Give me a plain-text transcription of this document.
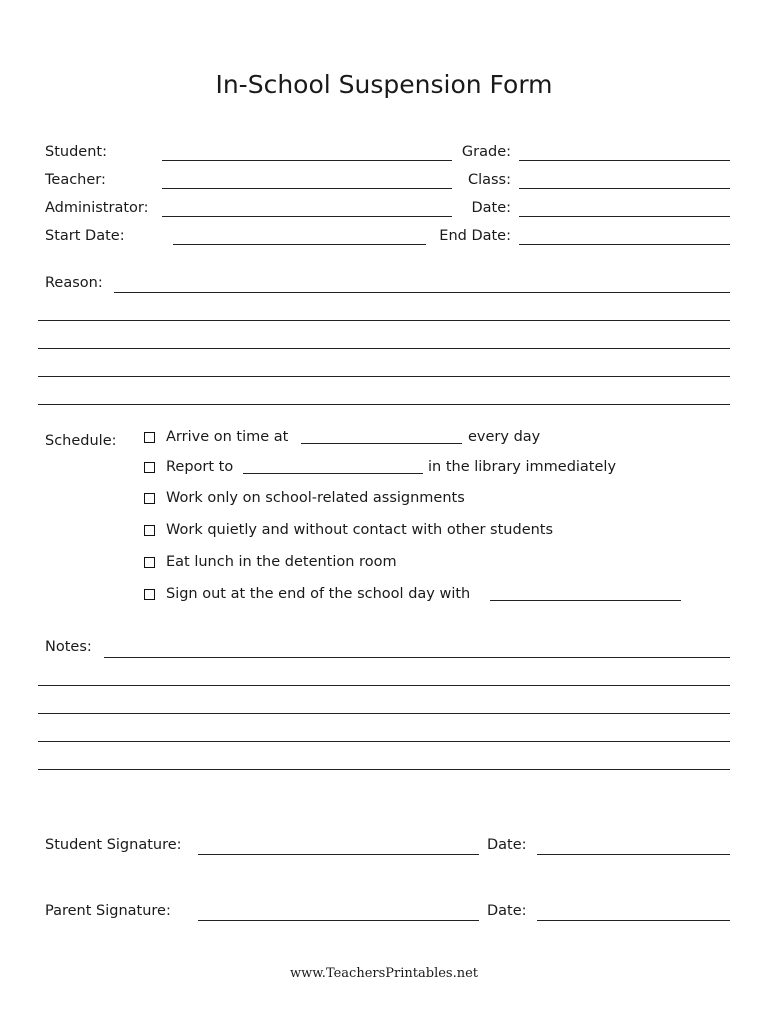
In-School Suspension Form
Student:	Grade:
Teacher:	Class:
Administrator:	Date:
Start Date:	End Date:
Reason:
Schedule:	Arrive on time at	every day
Report to	in the library immediately
Work only on school-related assignments
Work quietly and without contact with other students
Eat lunch in the detention room
Sign out at the end of the school day with
Notes:
Student Signature:	Date:
Parent Signature:	Date:
www.TeachersPrintables.net
